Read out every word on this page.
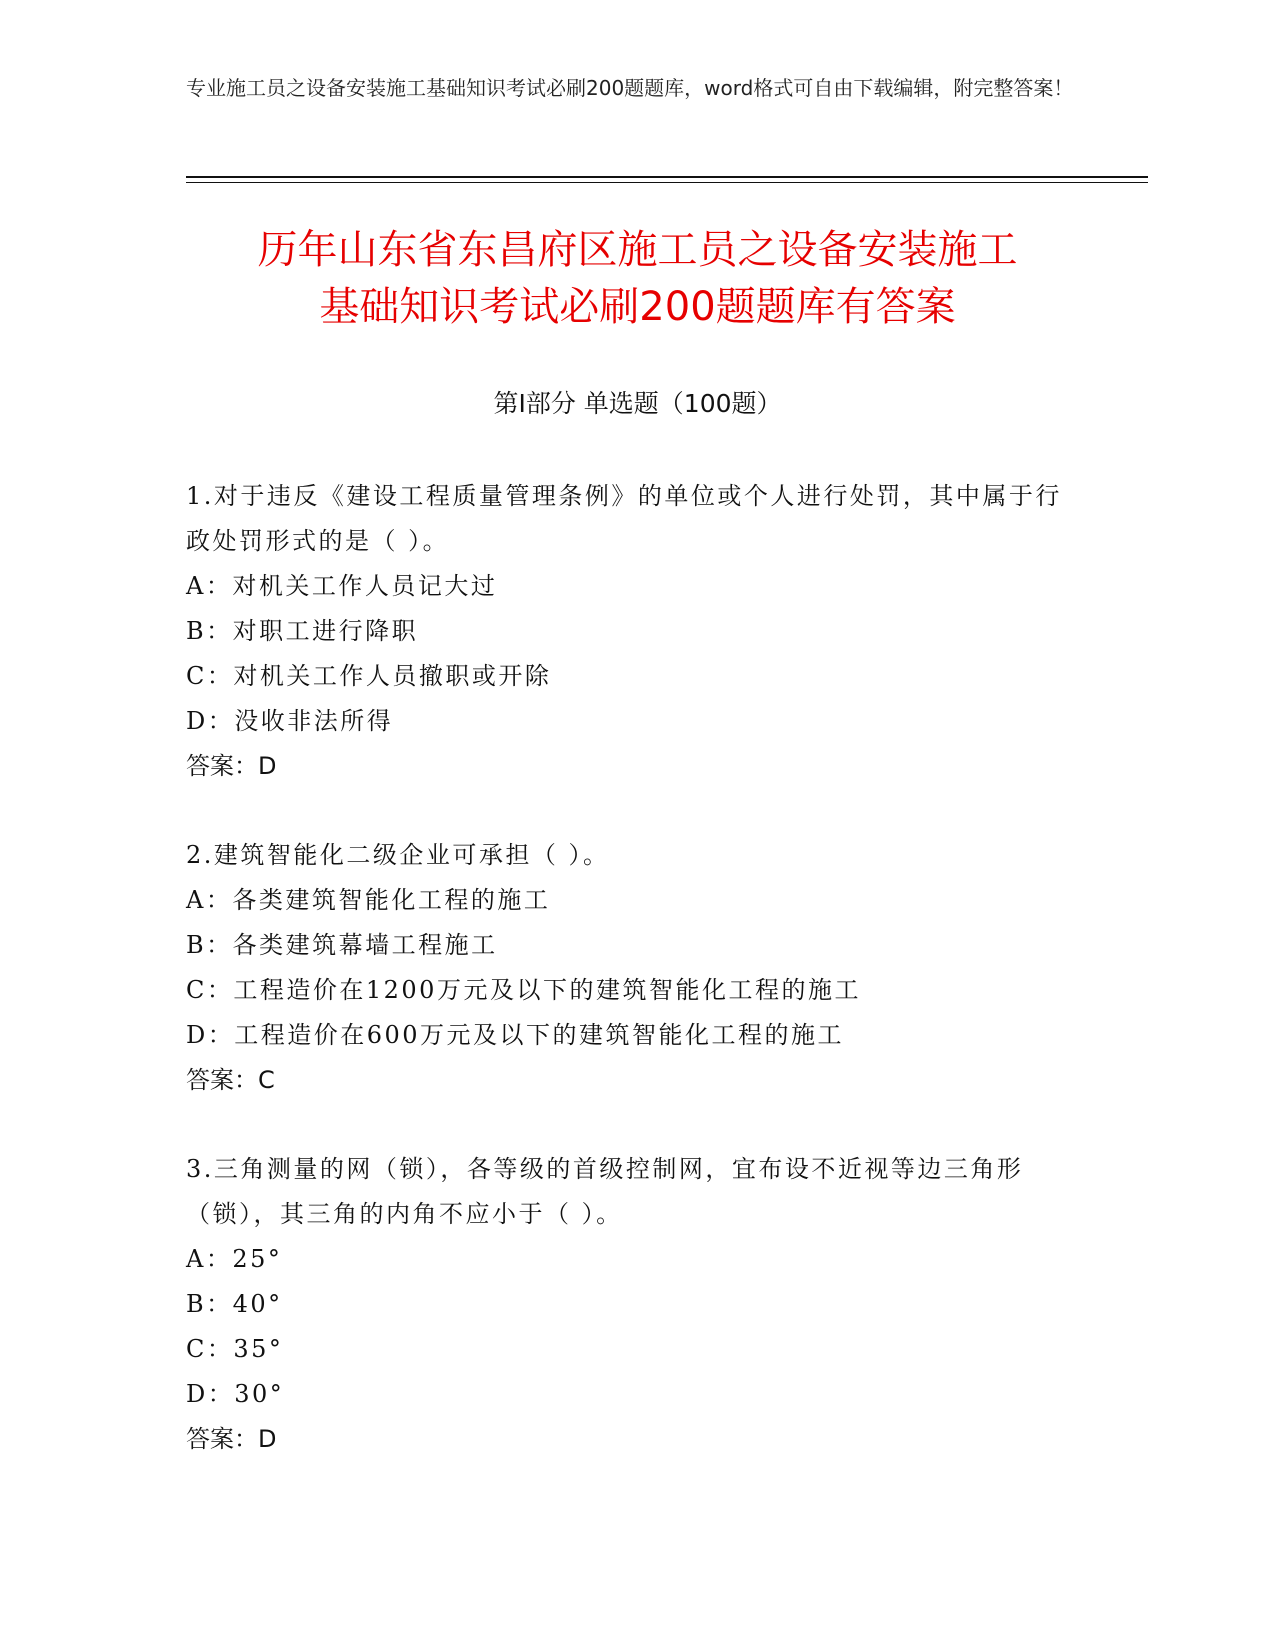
专业施工员之设备安装施工基础知识考试必刷200题题库，word格式可自由下载编辑，附完整答案！
历年山东省东昌府区施工员之设备安装施工
基础知识考试必刷200题题库有答案
第Ⅰ部分 单选题（100题）
1.对于违反《建设工程质量管理条例》的单位或个人进行处罚，其中属于行政处罚形式的是（ ）。
A：对机关工作人员记大过
B：对职工进行降职
C：对机关工作人员撤职或开除
D：没收非法所得
答案：D
2.建筑智能化二级企业可承担（ ）。
A：各类建筑智能化工程的施工
B：各类建筑幕墙工程施工
C：工程造价在1200万元及以下的建筑智能化工程的施工
D：工程造价在600万元及以下的建筑智能化工程的施工
答案：C
3.三角测量的网（锁），各等级的首级控制网，宜布设不近视等边三角形（锁），其三角的内角不应小于（ ）。
A：25°
B：40°
C：35°
D：30°
答案：D
